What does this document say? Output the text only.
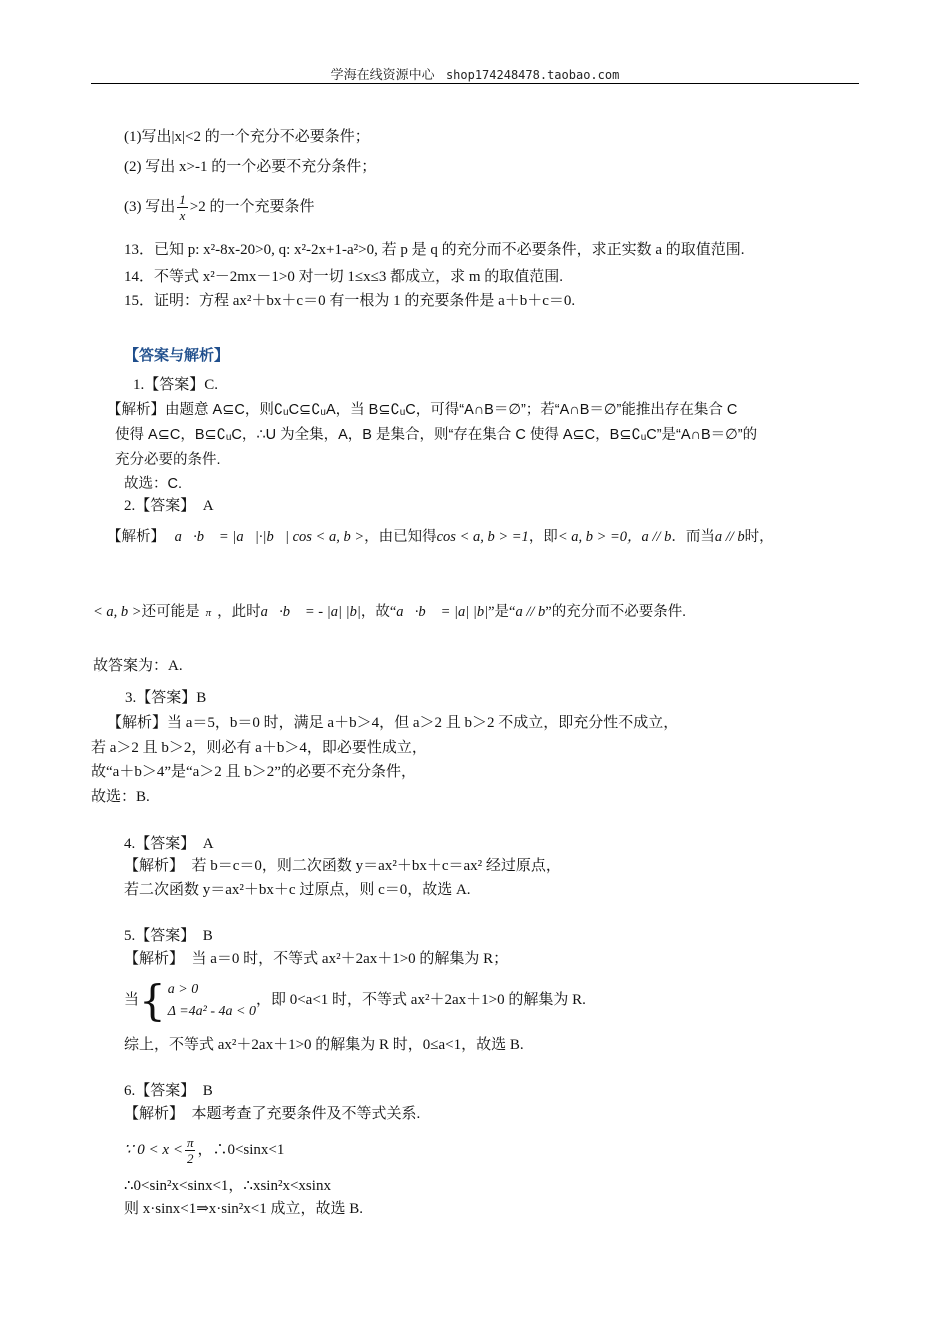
学海在线资源中心 shop174248478.taobao.com
(1)写出|x|<2 的一个充分不必要条件；
(2) 写出 x>-1 的一个必要不充分条件；
(3) 写出 $\frac{1}{x} >2$ 的一个充要条件
13．已知 p: x²-8x-20>0, q: x²-2x+1-a²>0, 若 p 是 q 的充分而不必要条件，求正实数 a 的取值范围.
14．不等式 x²－2mx－1>0 对一切 1≤x≤3 都成立，求 m 的取值范围.
15．证明：方程 ax²＋bx＋c＝0 有一根为 1 的充要条件是 a＋b＋c＝0.
【答案与解析】
1.【答案】C.
【解析】由题意 A⊆C，则∁ᵤC⊆∁ᵤA，当 B⊆∁ᵤC，可得“A∩B＝∅”；若“A∩B＝∅”能推出存在集合 C
使得 A⊆C，B⊆∁ᵤC，∴U 为全集，A，B 是集合，则“存在集合 C 使得 A⊆C，B⊆∁ᵤC”是“A∩B＝∅”的
充分必要的条件.
故选：C.
2.【答案】　A
【解析】 a⃗·b⃗ = |a⃗|·|b⃗| cos < a, b >，由已知得cos < a, b > =1，即< a, b > =0，a // b．而当a // b时，
< a, b >还可能是 π ，此时a⃗·b⃗ = - |a| |b|，故“a⃗·b⃗ = |a| |b|”是“a // b”的充分而不必要条件.
故答案为：A.
3.【答案】B
【解析】当 a＝5，b＝0 时，满足 a＋b＞4，但 a＞2 且 b＞2 不成立，即充分性不成立，
若 a＞2 且 b＞2，则必有 a＋b＞4，即必要性成立，
故“a＋b＞4”是“a＞2 且 b＞2”的必要不充分条件，
故选：B.
4.【答案】　A
【解析】　若 b＝c＝0，则二次函数 y＝ax²＋bx＋c＝ax² 经过原点，
若二次函数 y＝ax²＋bx＋c 过原点，则 c＝0，故选 A.
5.【答案】　B
【解析】　当 a＝0 时，不等式 ax²＋2ax＋1>0 的解集为 R；
当{ a > 0
Δ =4a² - 4a < 0
，即 0<a<1 时，不等式 ax²＋2ax＋1>0 的解集为 R.
综上，不等式 ax²＋2ax＋1>0 的解集为 R 时，0≤a<1，故选 B.
6.【答案】　B
【解析】　本题考查了充要条件及不等式关系.
∵ $0 < x < \frac{\pi}{2}$ ，∴0<sinx<1
∴0<sin²x<sinx<1，∴xsin²x<xsinx
则 x·sinx<1⇒x·sin²x<1 成立，故选 B.
